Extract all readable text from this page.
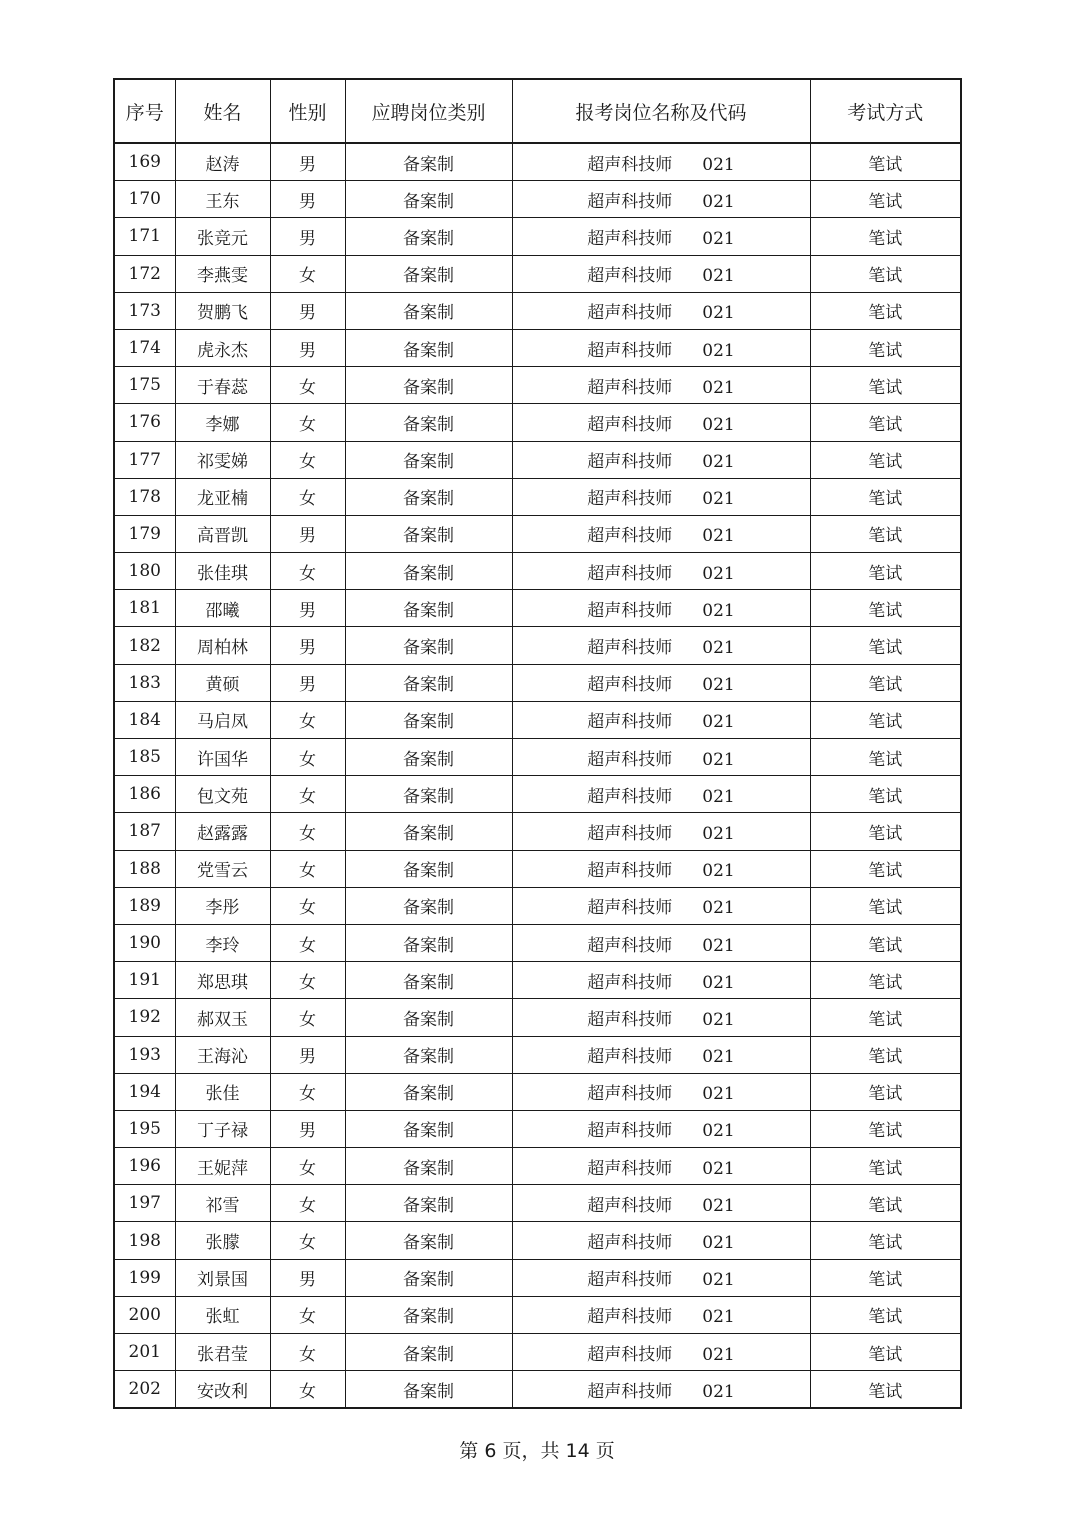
序号	姓名	性别	应聘岗位类别	报考岗位名称及代码	考试方式
169	赵涛	男	备案制	超声科技师 021	笔试
170	王东	男	备案制	超声科技师 021	笔试
171	张竞元	男	备案制	超声科技师 021	笔试
172	李燕雯	女	备案制	超声科技师 021	笔试
173	贺鹏飞	男	备案制	超声科技师 021	笔试
174	虎永杰	男	备案制	超声科技师 021	笔试
175	于春蕊	女	备案制	超声科技师 021	笔试
176	李娜	女	备案制	超声科技师 021	笔试
177	祁雯娣	女	备案制	超声科技师 021	笔试
178	龙亚楠	女	备案制	超声科技师 021	笔试
179	高晋凯	男	备案制	超声科技师 021	笔试
180	张佳琪	女	备案制	超声科技师 021	笔试
181	邵曦	男	备案制	超声科技师 021	笔试
182	周柏林	男	备案制	超声科技师 021	笔试
183	黄硕	男	备案制	超声科技师 021	笔试
184	马启凤	女	备案制	超声科技师 021	笔试
185	许国华	女	备案制	超声科技师 021	笔试
186	包文苑	女	备案制	超声科技师 021	笔试
187	赵露露	女	备案制	超声科技师 021	笔试
188	党雪云	女	备案制	超声科技师 021	笔试
189	李彤	女	备案制	超声科技师 021	笔试
190	李玲	女	备案制	超声科技师 021	笔试
191	郑思琪	女	备案制	超声科技师 021	笔试
192	郝双玉	女	备案制	超声科技师 021	笔试
193	王海沁	男	备案制	超声科技师 021	笔试
194	张佳	女	备案制	超声科技师 021	笔试
195	丁子禄	男	备案制	超声科技师 021	笔试
196	王妮萍	女	备案制	超声科技师 021	笔试
197	祁雪	女	备案制	超声科技师 021	笔试
198	张朦	女	备案制	超声科技师 021	笔试
199	刘景国	男	备案制	超声科技师 021	笔试
200	张虹	女	备案制	超声科技师 021	笔试
201	张君莹	女	备案制	超声科技师 021	笔试
202	安改利	女	备案制	超声科技师 021	笔试
第 6 页，共 14 页
